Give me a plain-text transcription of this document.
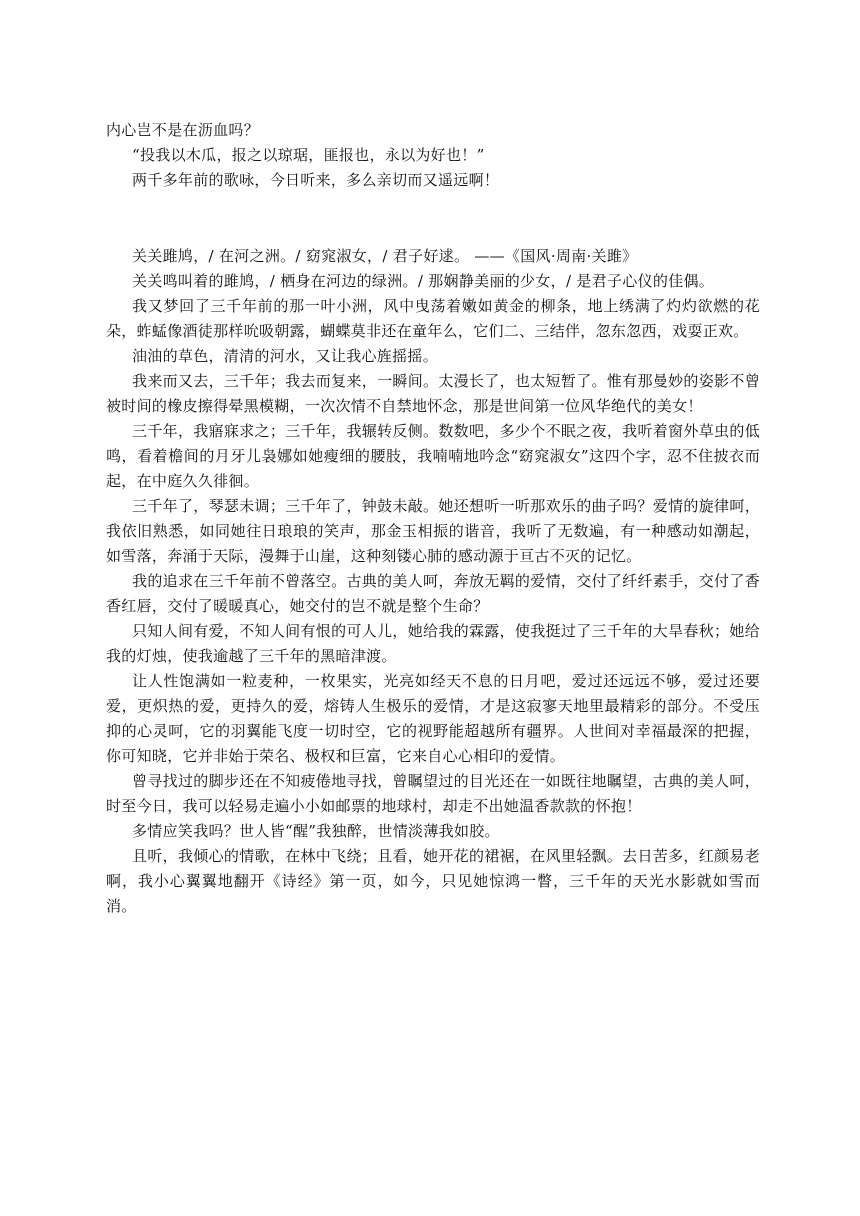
内心岂不是在沥血吗？

“投我以木瓜，报之以琼琚，匪报也，永以为好也！”

两千多年前的歌咏，今日听来，多么亲切而又遥远啊！

关关雎鸠，/ 在河之洲。/ 窈窕淑女，/ 君子好逑。 ——《国风·周南·关雎》

关关鸣叫着的雎鸠，/ 栖身在河边的绿洲。/ 那娴静美丽的少女，/ 是君子心仪的佳偶。

我又梦回了三千年前的那一叶小洲，风中曳荡着嫩如黄金的柳条，地上绣满了灼灼欲燃的花朵，蚱蜢像酒徒那样吮吸朝露，蝴蝶莫非还在童年么，它们二、三结伴，忽东忽西，戏耍正欢。

油油的草色，清清的河水，又让我心旌摇摇。

我来而又去，三千年；我去而复来，一瞬间。太漫长了，也太短暂了。惟有那曼妙的姿影不曾被时间的橡皮擦得晕黑模糊，一次次情不自禁地怀念，那是世间第一位风华绝代的美女！

三千年，我寤寐求之；三千年，我辗转反侧。数数吧，多少个不眠之夜，我听着窗外草虫的低鸣，看着檐间的月牙儿袅娜如她瘦细的腰肢，我喃喃地吟念“窈窕淑女”这四个字，忍不住披衣而起，在中庭久久徘徊。

三千年了，琴瑟未调；三千年了，钟鼓未敲。她还想听一听那欢乐的曲子吗？爱情的旋律呵，我依旧熟悉，如同她往日琅琅的笑声，那金玉相振的谐音，我听了无数遍，有一种感动如潮起，如雪落，奔涌于天际，漫舞于山崖，这种刻镂心肺的感动源于亘古不灭的记忆。

我的追求在三千年前不曾落空。古典的美人呵，奔放无羁的爱情，交付了纤纤素手，交付了香香红唇，交付了暖暖真心，她交付的岂不就是整个生命？

只知人间有爱，不知人间有恨的可人儿，她给我的霖露，使我挺过了三千年的大旱春秋；她给我的灯烛，使我逾越了三千年的黑暗津渡。

让人性饱满如一粒麦种，一枚果实，光亮如经天不息的日月吧，爱过还远远不够，爱过还要爱，更炽热的爱，更持久的爱，熔铸人生极乐的爱情，才是这寂寥天地里最精彩的部分。不受压抑的心灵呵，它的羽翼能飞度一切时空，它的视野能超越所有疆界。人世间对幸福最深的把握，你可知晓，它并非始于荣名、极权和巨富，它来自心心相印的爱情。

曾寻找过的脚步还在不知疲倦地寻找，曾瞩望过的目光还在一如既往地瞩望，古典的美人呵，时至今日，我可以轻易走遍小小如邮票的地球村，却走不出她温香款款的怀抱！

多情应笑我吗？世人皆“醒”我独醉，世情淡薄我如胶。

且听，我倾心的情歌，在林中飞绕；且看，她开花的裙裾，在风里轻飘。去日苦多，红颜易老啊，我小心翼翼地翻开《诗经》第一页，如今，只见她惊鸿一瞥，三千年的天光水影就如雪而消。
